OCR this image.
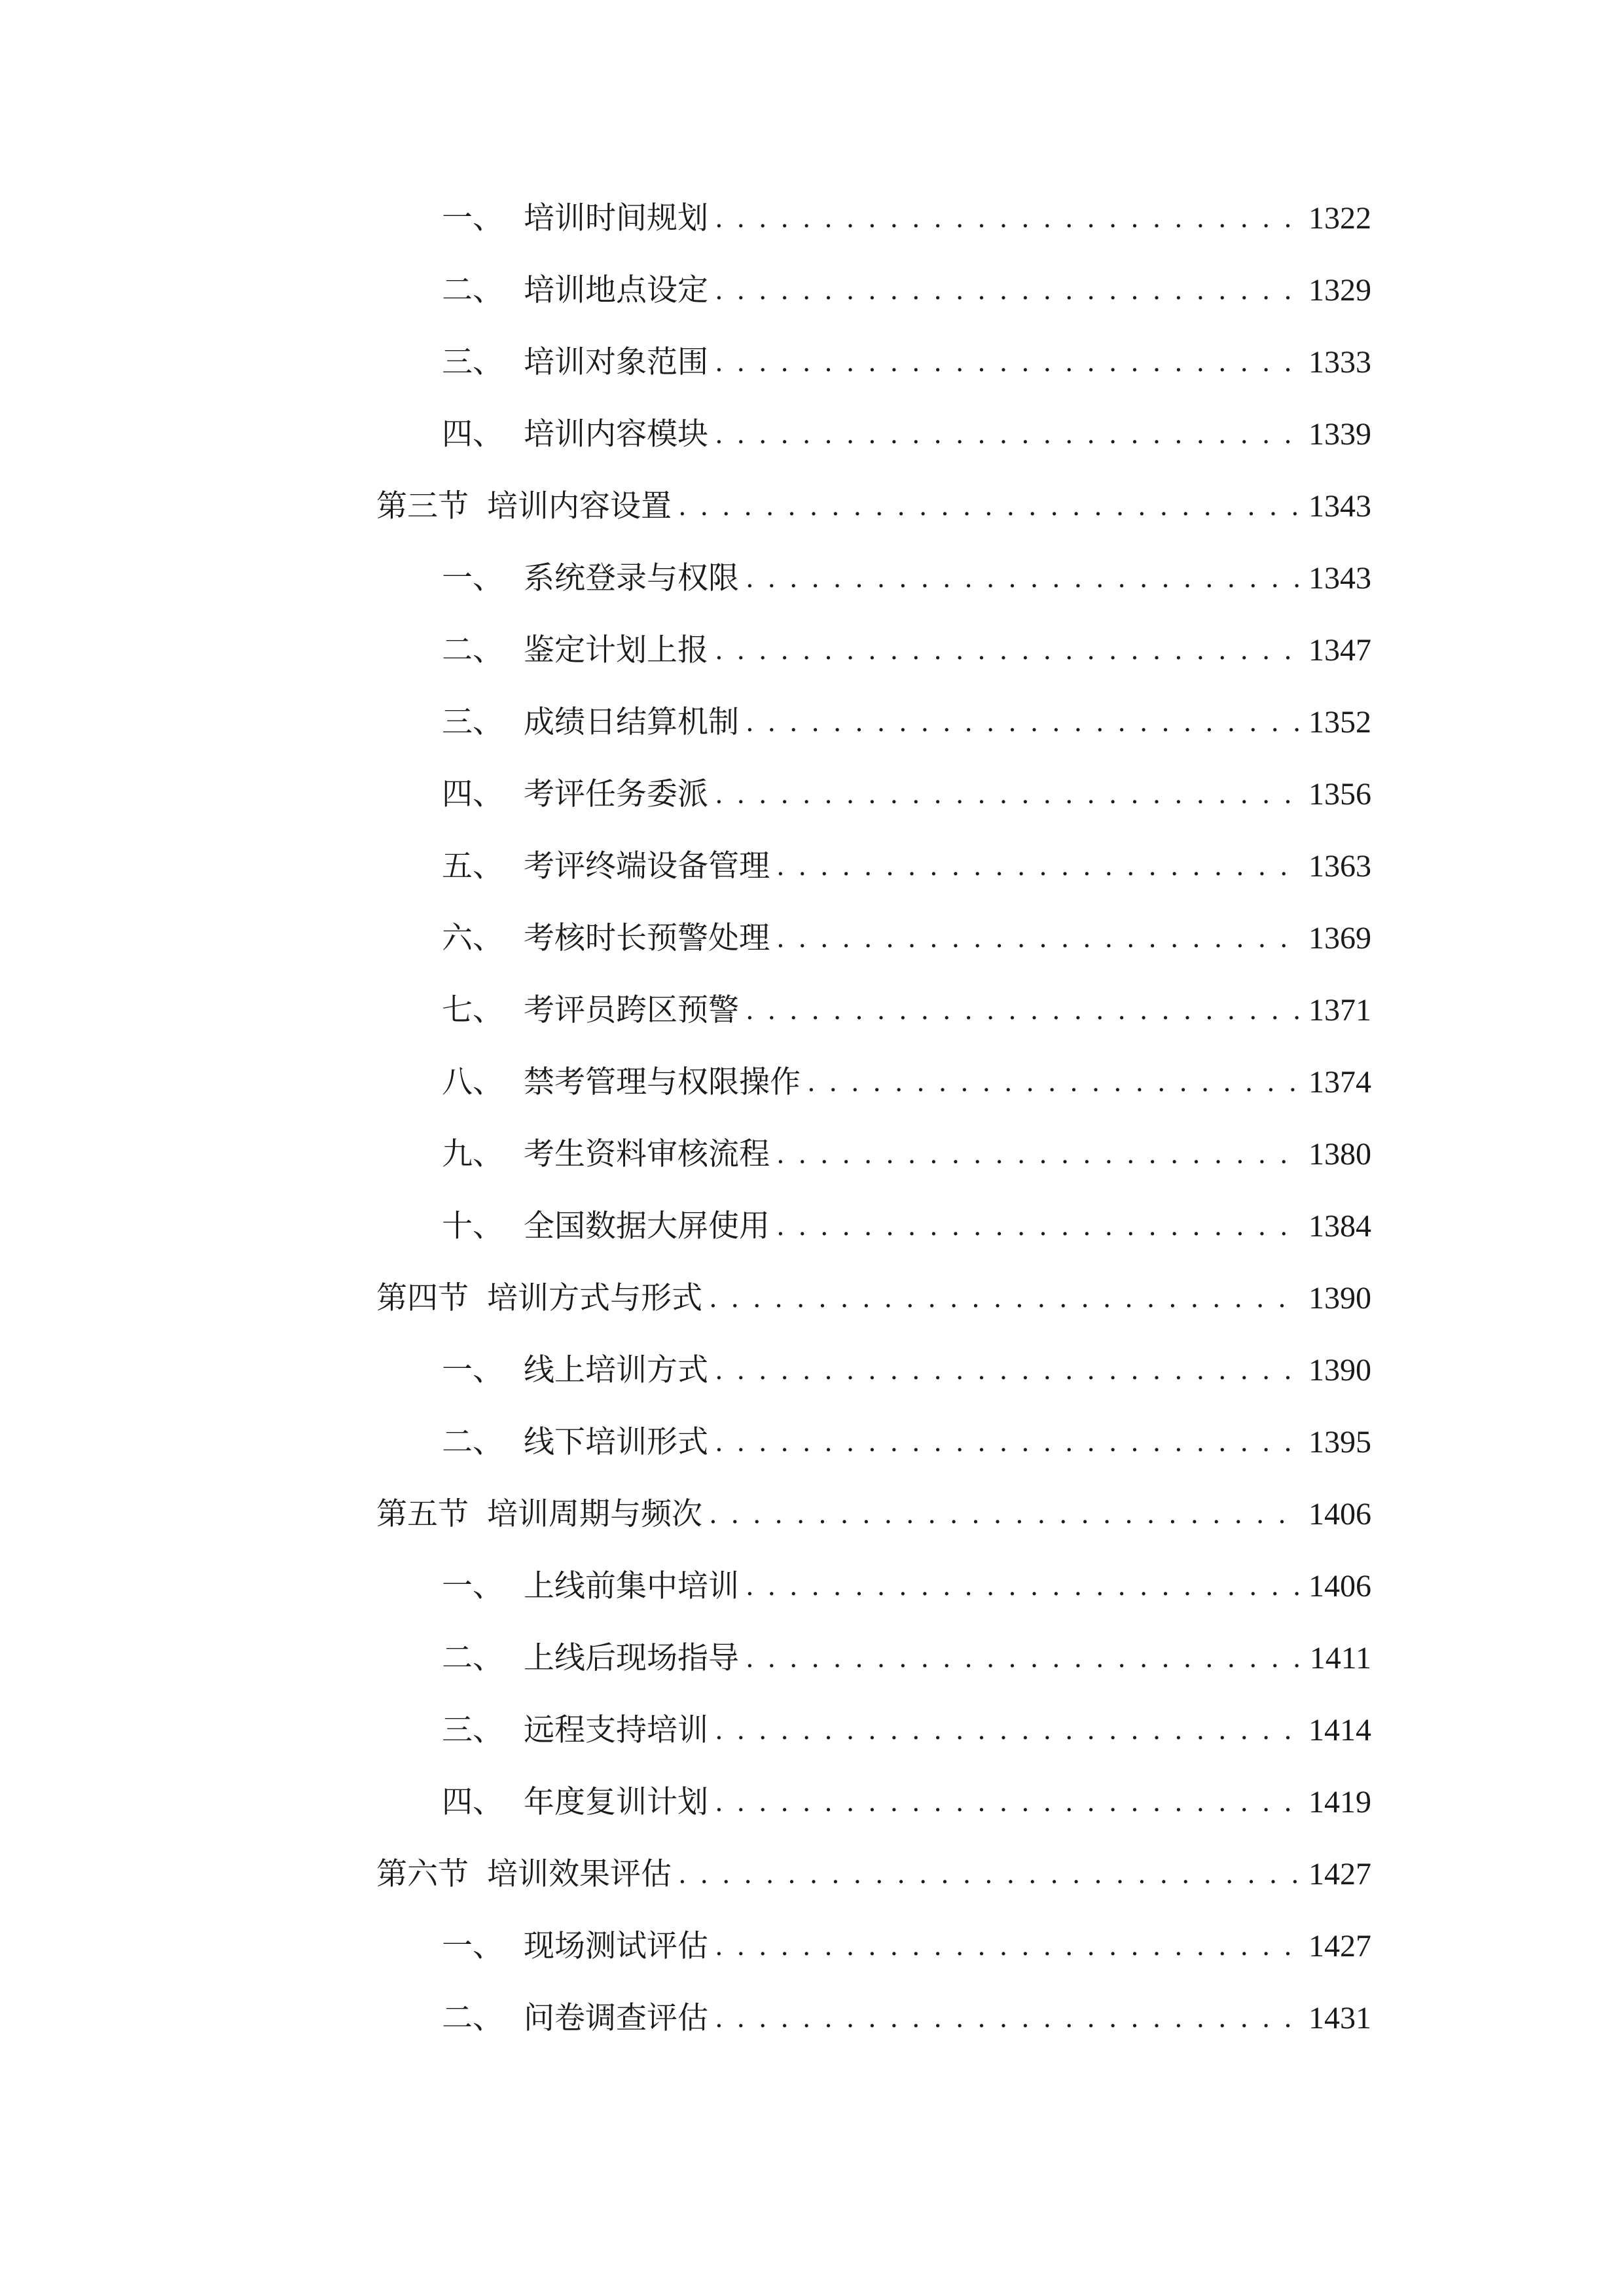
一、 培训时间规划 . . .	1322
二、 培训地点设定 . . .	1329
三、 培训对象范围 . . .	1333
四、 培训内容模块 . . .	1339
第三节 培训内容设置 . . .	1343
一、 系统登录与权限 . . .	1343
二、 鉴定计划上报 . . .	1347
三、 成绩日结算机制 . . .	1352
四、 考评任务委派 . . .	1356
五、 考评终端设备管理 . . .	1363
六、 考核时长预警处理 . . .	1369
七、 考评员跨区预警 . . .	1371
八、 禁考管理与权限操作 . . .	1374
九、 考生资料审核流程 . . .	1380
十、 全国数据大屏使用 . . .	1384
第四节 培训方式与形式 . . .	1390
一、 线上培训方式 . . .	1390
二、 线下培训形式 . . .	1395
第五节 培训周期与频次 . . .	1406
一、 上线前集中培训 . . .	1406
二、 上线后现场指导 . . .	1411
三、 远程支持培训 . . .	1414
四、 年度复训计划 . . .	1419
第六节 培训效果评估 . . .	1427
一、 现场测试评估 . . .	1427
二、 问卷调查评估 . . .	1431
